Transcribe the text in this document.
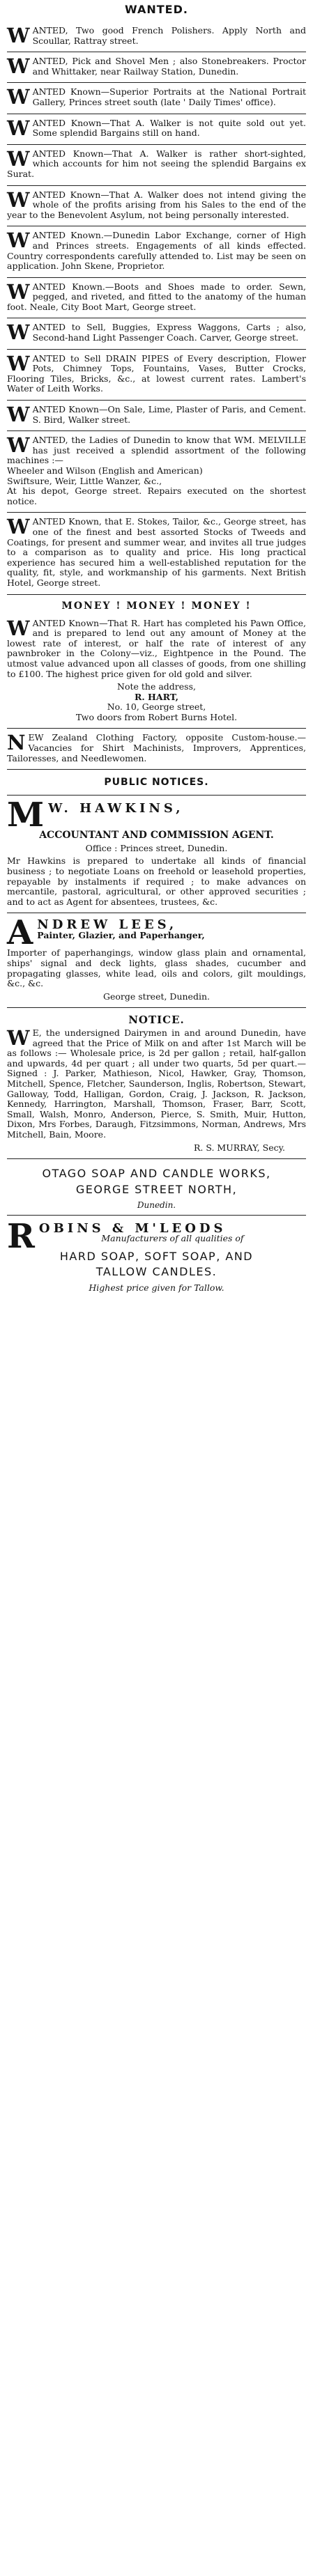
WANTED.
W ANTED, Two good French Polishers. Apply North and Scoullar, Rattray street.

W ANTED, Pick and Shovel Men ; also Stonebreakers. Proctor and Whittaker, near Railway Station, Dunedin.

W ANTED Known—Superior Portraits at the National Portrait Gallery, Princes street south (late ' Daily Times' office).

W ANTED Known—That A. Walker is not quite sold out yet. Some splendid Bargains still on hand.

W ANTED Known—That A. Walker is rather short-sighted, which accounts for him not seeing the splendid Bargains ex Surat.

W ANTED Known—That A. Walker does not intend giving the whole of the profits arising from his Sales to the end of the year to the Benevolent Asylum, not being personally interested.

W ANTED Known.—Dunedin Labor Exchange, corner of High and Princes streets. Engagements of all kinds effected. Country correspondents carefully attended to. List may be seen on application. John Skene, Proprietor.

W ANTED Known.—Boots and Shoes made to order. Sewn, pegged, and riveted, and fitted to the anatomy of the human foot. Neale, City Boot Mart, George street.

W ANTED to Sell, Buggies, Express Waggons, Carts ; also, Second-hand Light Passenger Coach. Carver, George street.

W ANTED to Sell DRAIN PIPES of Every description, Flower Pots, Chimney Tops, Fountains, Vases, Butter Crocks, Flooring Tiles, Bricks, &c., at lowest current rates. Lambert's Water of Leith Works.

W ANTED Known—On Sale, Lime, Plaster of Paris, and Cement. S. Bird, Walker street.

W ANTED, the Ladies of Dunedin to know that WM. MELVILLE has just received a splendid assortment of the following machines :—
Wheeler and Wilson (English and American)
Swiftsure, Weir, Little Wanzer, &c.,
At his depot, George street. Repairs executed on the shortest notice.

W ANTED Known, that E. Stokes, Tailor, &c., George street, has one of the finest and best assorted Stocks of Tweeds and Coatings, for present and summer wear, and invites all true judges to a comparison as to quality and price. His long practical experience has secured him a well-established reputation for the quality, fit, style, and workmanship of his garments. Next British Hotel, George street.

MONEY ! MONEY ! MONEY !
W ANTED Known—That R. Hart has completed his Pawn Office, and is prepared to lend out any amount of Money at the lowest rate of interest, or half the rate of interest of any pawnbroker in the Colony—viz., Eightpence in the Pound. The utmost value advanced upon all classes of goods, from one shilling to £100. The highest price given for old gold and silver.

Note the address,

R. HART,

No. 10, George street,

Two doors from Robert Burns Hotel.

N EW Zealand Clothing Factory, opposite Custom-house.—Vacancies for Shirt Machinists, Improvers, Apprentices, Tailoresses, and Needlewomen.

PUBLIC NOTICES.
M W. HAWKINS,

ACCOUNTANT AND COMMISSION AGENT.

Office : Princes street, Dunedin.

Mr Hawkins is prepared to undertake all kinds of financial business ; to negotiate Loans on freehold or leasehold properties, repayable by instalments if required ; to make advances on mercantile, pastoral, agricultural, or other approved securities ; and to act as Agent for absentees, trustees, &c.

A NDREW LEES,

Painter, Glazier, and Paperhanger,

Importer of paperhangings, window glass plain and ornamental, ships' signal and deck lights, glass shades, cucumber and propagating glasses, white lead, oils and colors, gilt mouldings, &c., &c.

George street, Dunedin.

NOTICE.
W E, the undersigned Dairymen in and around Dunedin, have agreed that the Price of Milk on and after 1st March will be as follows :— Wholesale price, is 2d per gallon ; retail, half-gallon and upwards, 4d per quart ; all under two quarts, 5d per quart.—Signed : J. Parker, Mathieson, Nicol, Hawker, Gray, Thomson, Mitchell, Spence, Fletcher, Saunderson, Inglis, Robertson, Stewart, Galloway, Todd, Halligan, Gordon, Craig, J. Jackson, R. Jackson, Kennedy, Harrington, Marshall, Thomson, Fraser, Barr, Scott, Small, Walsh, Monro, Anderson, Pierce, S. Smith, Muir, Hutton, Dixon, Mrs Forbes, Daraugh, Fitzsimmons, Norman, Andrews, Mrs Mitchell, Bain, Moore.

R. S. MURRAY, Secy.

OTAGO SOAP AND CANDLE WORKS,
GEORGE STREET NORTH,
Dunedin.
R OBINS & M'LEODS

Manufacturers of all qualities of

HARD SOAP, SOFT SOAP, AND
TALLOW CANDLES.

Highest price given for Tallow.
